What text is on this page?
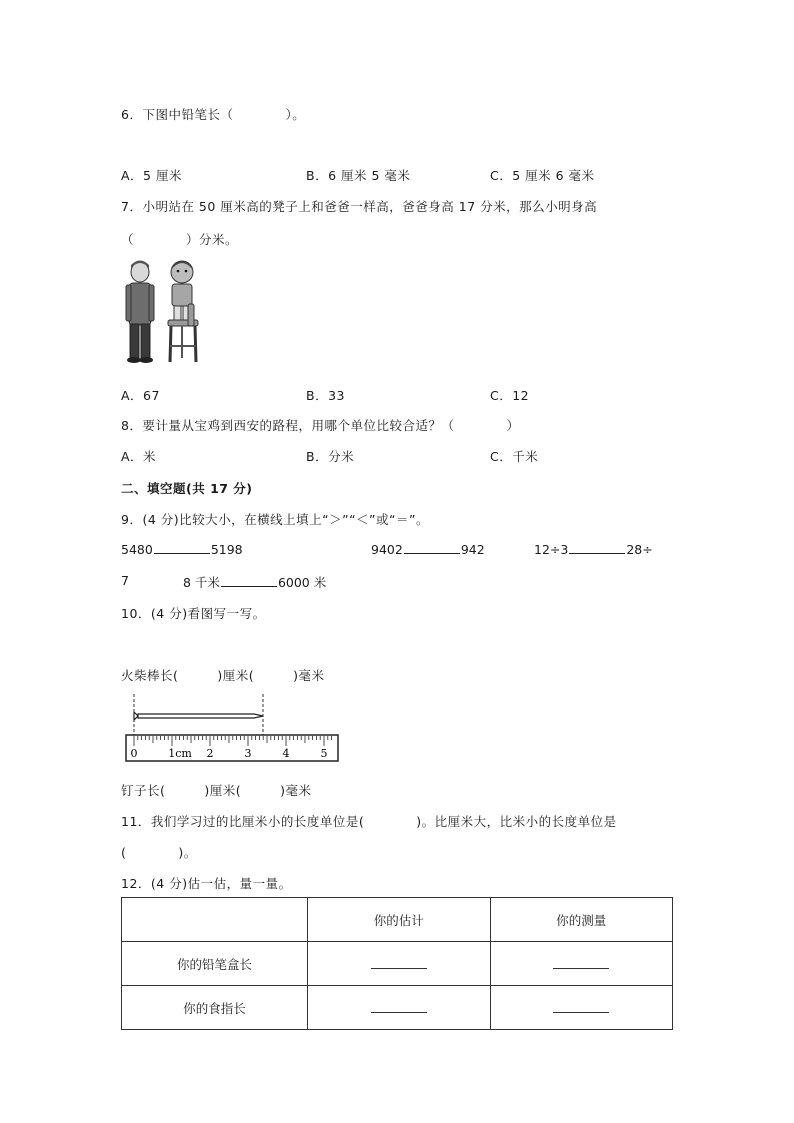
6．下图中铅笔长（　　　　）。
A．5 厘米	B．6 厘米 5 毫米	C．5 厘米 6 毫米
7．小明站在 50 厘米高的凳子上和爸爸一样高，爸爸身高 17 分米，那么小明身高
（　　　　）分米。
A．67	B．33	C．12
8．要计量从宝鸡到西安的路程，用哪个单位比较合适？（　　　　）
A．米	B．分米	C．千米
二、填空题(共 17 分)
9．(4 分)比较大小，在横线上填上“＞”“＜”或“＝”。
5480	5198	9402	942	12÷3	28÷
7	8 千米	6000 米
10．(4 分)看图写一写。
火柴棒长(　　　)厘米(　　　)毫米
0	1cm 2	3	4	5
钉子长(　　　)厘米(　　　)毫米
11．我们学习过的比厘米小的长度单位是(　　　　)。比厘米大，比米小的长度单位是
(　　　　)。
12．(4 分)估一估，量一量。
	你的估计	你的测量
你的铅笔盒长		
你的食指长		
